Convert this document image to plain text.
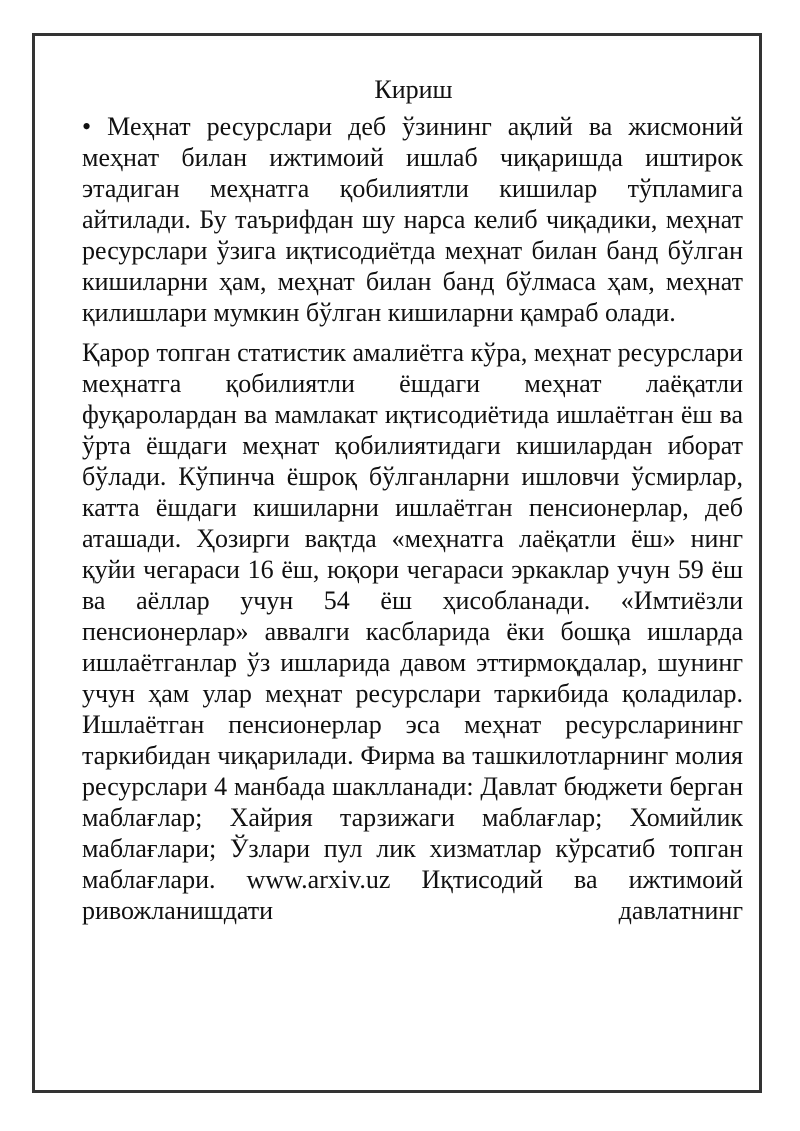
Кириш

• Меҳнат ресурслари деб ўзининг ақлий ва жисмоний меҳнат билан ижтимоий ишлаб чиқаришда иштирок этадиган меҳнатга қобилиятли кишилар тўпламига айтилади. Бу таърифдан шу нарса келиб чиқадики, меҳнат ресурслари ўзига иқтисодиётда меҳнат билан банд бўлган кишиларни ҳам, меҳнат билан банд бўлмаса ҳам, меҳнат қилишлари мумкин бўлган кишиларни қамраб олади.

Қарор топган статистик амалиётга кўра, меҳнат ресурслари меҳнатга қобилиятли ёшдаги меҳнат лаёқатли фуқаролардан ва мамлакат иқтисодиётида ишлаётган ёш ва ўрта ёшдаги меҳнат қобилиятидаги кишилардан иборат бўлади. Кўпинча ёшроқ бўлганларни ишловчи ўсмирлар, катта ёшдаги кишиларни ишлаётган пенсионерлар, деб аташади. Ҳозирги вақтда «меҳнатга лаёқатли ёш» нинг қуйи чегараси 16 ёш, юқори чегараси эркаклар учун 59 ёш ва аёллар учун 54 ёш ҳисобланади. «Имтиёзли пенсионерлар» аввалги касбларида ёки бошқа ишларда ишлаётганлар ўз ишларида давом эттирмоқдалар, шунинг учун ҳам улар меҳнат ресурслари таркибида қоладилар. Ишлаётган пенсионерлар эса меҳнат ресурсларининг таркибидан чиқарилади. Фирма ва ташкилотларнинг молия ресурслари 4 манбада шаклланади: Давлат бюджети берган маблағлар; Хайрия тарзижаги маблағлар; Хомийлик маблағлари; Ўзлари пул лик хизматлар кўрсатиб топган маблағлари. www.arxiv.uz Иқтисодий ва ижтимоий ривожланишдати давлатнинг
